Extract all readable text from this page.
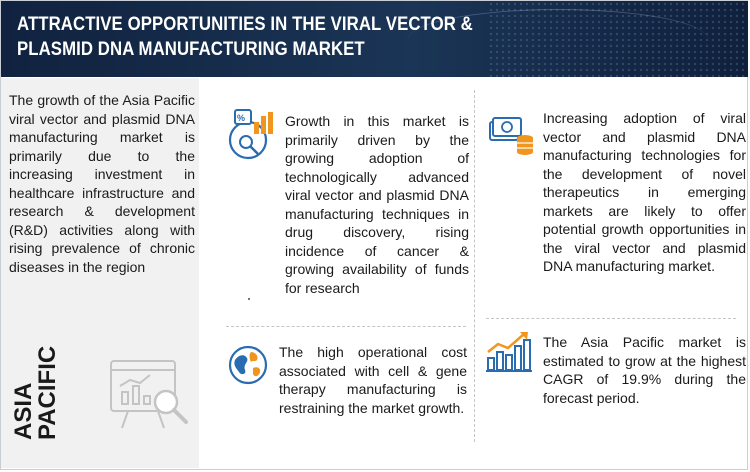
ATTRACTIVE OPPORTUNITIES IN THE VIRAL VECTOR & PLASMID DNA MANUFACTURING MARKET
The growth of the Asia Pacific viral vector and plasmid DNA manufacturing market is primarily due to the increasing investment in healthcare infrastructure and research & development (R&D) activities along with rising prevalence of chronic diseases in the region
ASIA
PACIFIC
%	Growth in this market is primarily driven by the growing adoption of technologically advanced viral vector and plasmid DNA manufacturing techniques in drug discovery, rising incidence of cancer & growing availability of funds for research
The high operational cost associated with cell & gene therapy manufacturing is restraining the market growth.
Increasing adoption of viral vector and plasmid DNA manufacturing technologies for the development of novel therapeutics in emerging markets are likely to offer potential growth opportunities in the viral vector and plasmid DNA manufacturing market.
The Asia Pacific market is estimated to grow at the highest CAGR of 19.9% during the forecast period.
